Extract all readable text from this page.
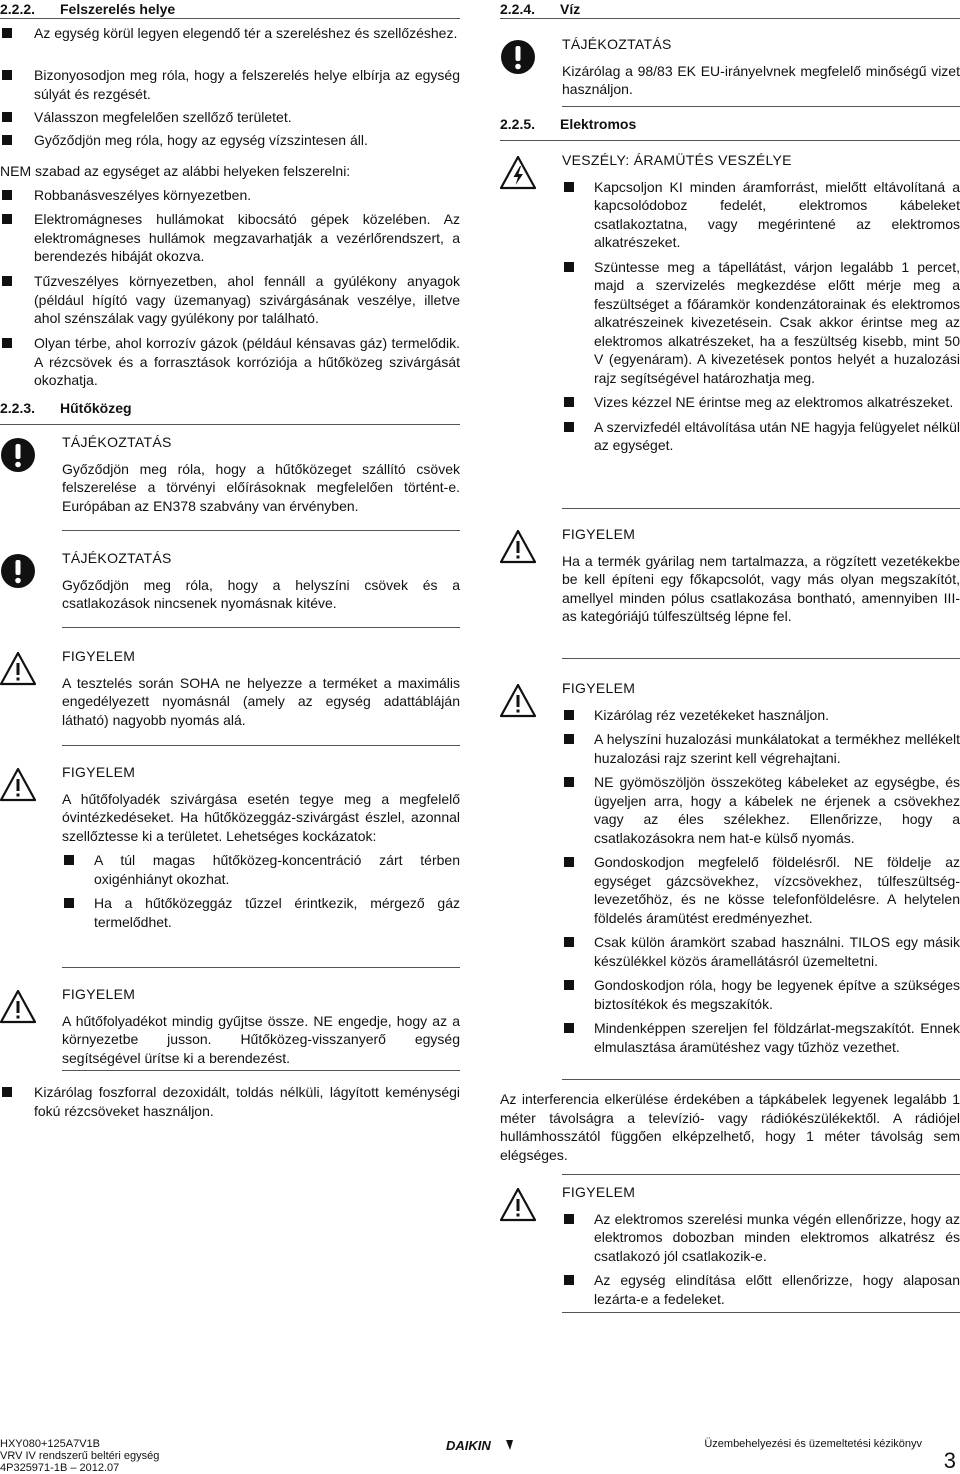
2.2.2.	Felszerelés helye
Az egység körül legyen elegendő tér a szereléshez és szellőzéshez.
Bizonyosodjon meg róla, hogy a felszerelés helye elbírja az egység súlyát és rezgését.
Válasszon megfelelően szellőző területet.
Győződjön meg róla, hogy az egység vízszintesen áll.
NEM szabad az egységet az alábbi helyeken felszerelni:
Robbanásveszélyes környezetben.
Elektromágneses hullámokat kibocsátó gépek közelében. Az elektromágneses hullámok megzavarhatják a vezérlőrendszert, a berendezés hibáját okozva.
Tűzveszélyes környezetben, ahol fennáll a gyúlékony anyagok (például hígító vagy üzemanyag) szivárgásának veszélye, illetve ahol szénszálak vagy gyúlékony por található.
Olyan térbe, ahol korrozív gázok (például kénsavas gáz) termelődik. A rézcsövek és a forrasztások korróziója a hűtőközeg szivárgását okozhatja.
2.2.3.	Hűtőközeg
TÁJÉKOZTATÁS
Győződjön meg róla, hogy a hűtőközeget szállító csövek felszerelése a törvényi előírásoknak megfelelően történt-e. Európában az EN378 szabvány van érvényben.
TÁJÉKOZTATÁS
Győződjön meg róla, hogy a helyszíni csövek és a csatlakozások nincsenek nyomásnak kitéve.
FIGYELEM
A tesztelés során SOHA ne helyezze a terméket a maximális engedélyezett nyomásnál (amely az egység adattábláján látható) nagyobb nyomás alá.
FIGYELEM
A hűtőfolyadék szivárgása esetén tegye meg a megfelelő óvintézkedéseket. Ha hűtőközeggáz-szivárgást észlel, azonnal szellőztesse ki a területet. Lehetséges kockázatok:
A túl magas hűtőközeg-koncentráció zárt térben oxigénhiányt okozhat.
Ha a hűtőközeggáz tűzzel érintkezik, mérgező gáz termelődhet.
FIGYELEM
A hűtőfolyadékot mindig gyűjtse össze. NE engedje, hogy az a környezetbe jusson. Hűtőközeg-visszanyerő egység segítségével ürítse ki a berendezést.
Kizárólag foszforral dezoxidált, toldás nélküli, lágyított keménységi fokú rézcsöveket használjon.
2.2.4.	Víz
TÁJÉKOZTATÁS
Kizárólag a 98/83 EK EU-irányelvnek megfelelő minőségű vizet használjon.
2.2.5.	Elektromos
VESZÉLY: ÁRAMÜTÉS VESZÉLYE
Kapcsoljon KI minden áramforrást, mielőtt eltávolítaná a kapcsolódoboz fedelét, elektromos kábeleket csatlakoztatna, vagy megérintené az elektromos alkatrészeket.
Szüntesse meg a tápellátást, várjon legalább 1 percet, majd a szervizelés megkezdése előtt mérje meg a feszültséget a főáramkör kondenzátorainak és elektromos alkatrészeinek kivezetésein. Csak akkor érintse meg az elektromos alkatrészeket, ha a feszültség kisebb, mint 50 V (egyenáram). A kivezetések pontos helyét a huzalozási rajz segítségével határozhatja meg.
Vizes kézzel NE érintse meg az elektromos alkatrészeket.
A szervizfedél eltávolítása után NE hagyja felügyelet nélkül az egységet.
FIGYELEM
Ha a termék gyárilag nem tartalmazza, a rögzített vezetékekbe be kell építeni egy főkapcsolót, vagy más olyan megszakítót, amellyel minden pólus csatlakozása bontható, amennyiben III-as kategóriájú túlfeszültség lépne fel.
FIGYELEM
Kizárólag réz vezetékeket használjon.
A helyszíni huzalozási munkálatokat a termékhez mellékelt huzalozási rajz szerint kell végrehajtani.
NE gyömöszöljön összeköteg kábeleket az egységbe, és ügyeljen arra, hogy a kábelek ne érjenek a csövekhez vagy az éles szélekhez. Ellenőrizze, hogy a csatlakozásokra nem hat-e külső nyomás.
Gondoskodjon megfelelő földelésről. NE földelje az egységet gázcsövekhez, vízcsövekhez, túlfeszültség-levezetőhöz, és ne kösse telefonföldelésre. A helytelen földelés áramütést eredményezhet.
Csak külön áramkört szabad használni. TILOS egy másik készülékkel közös áramellátásról üzemeltetni.
Gondoskodjon róla, hogy be legyenek építve a szükséges biztosítékok és megszakítók.
Mindenképpen szereljen fel földzárlat-megszakítót. Ennek elmulasztása áramütéshez vagy tűzhöz vezethet.
Az interferencia elkerülése érdekében a tápkábelek legyenek legalább 1 méter távolságra a televízió- vagy rádiókészülékektől. A rádiójel hullámhosszától függően elképzelhető, hogy 1 méter távolság sem elégséges.
FIGYELEM
Az elektromos szerelési munka végén ellenőrizze, hogy az elektromos dobozban minden elektromos alkatrész és csatlakozó jól csatlakozik-e.
Az egység elindítása előtt ellenőrizze, hogy alaposan lezárta-e a fedeleket.
HXY080+125A7V1B
VRV IV rendszerű beltéri egység
4P325971-1B – 2012.07
DAIKIN	Üzembehelyezési és üzemeltetési kézikönyv
3
